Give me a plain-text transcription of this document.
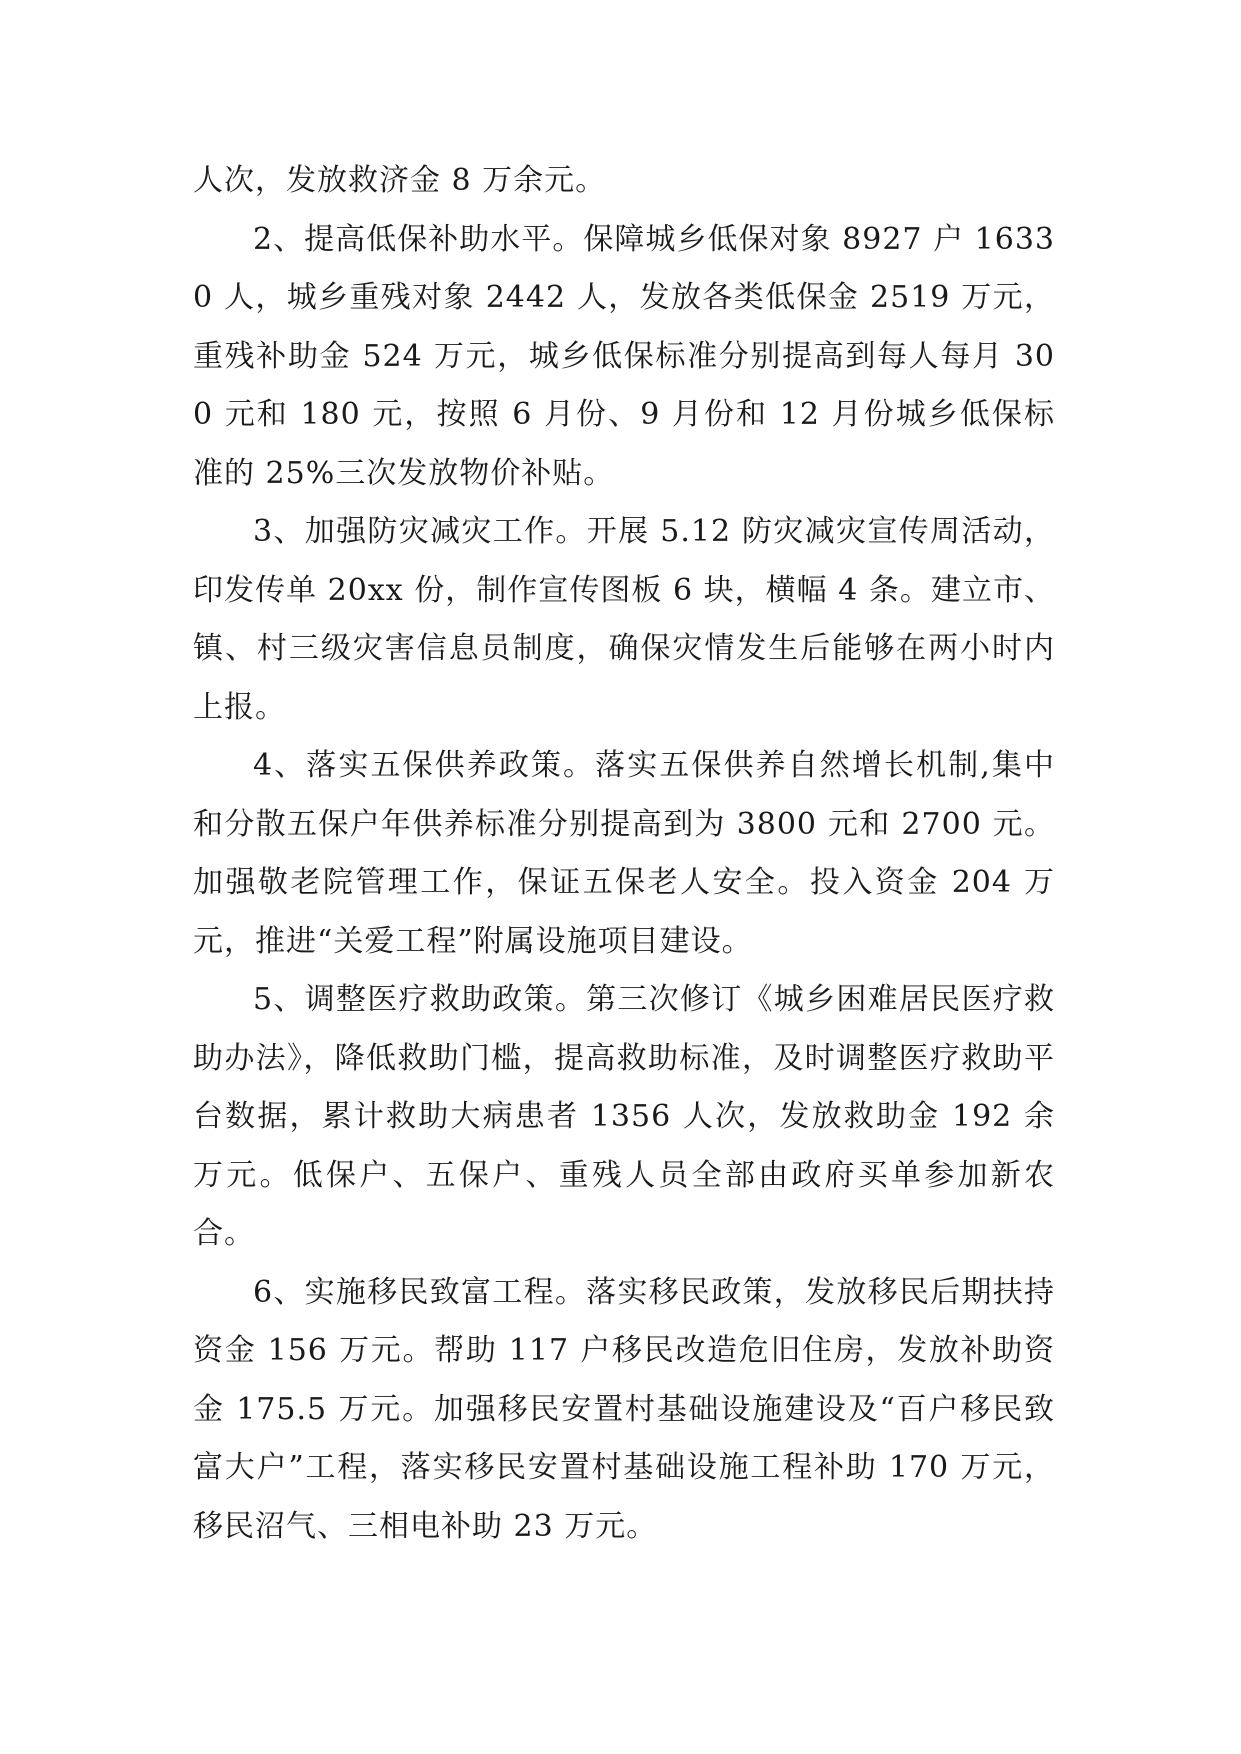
人次，发放救济金 8 万余元。

2、提高低保补助水平。保障城乡低保对象 8927 户 16330 人，城乡重残对象 2442 人，发放各类低保金 2519 万元，重残补助金 524 万元，城乡低保标准分别提高到每人每月 300 元和 180 元，按照 6 月份、9 月份和 12 月份城乡低保标准的 25%三次发放物价补贴。

3、加强防灾减灾工作。开展 5.12 防灾减灾宣传周活动，印发传单 20xx 份，制作宣传图板 6 块，横幅 4 条。建立市、镇、村三级灾害信息员制度，确保灾情发生后能够在两小时内上报。

4、落实五保供养政策。落实五保供养自然增长机制,集中和分散五保户年供养标准分别提高到为 3800 元和 2700 元。加强敬老院管理工作，保证五保老人安全。投入资金 204 万元，推进“关爱工程”附属设施项目建设。

5、调整医疗救助政策。第三次修订《城乡困难居民医疗救助办法》，降低救助门槛，提高救助标准，及时调整医疗救助平台数据，累计救助大病患者 1356 人次，发放救助金 192 余万元。低保户、五保户、重残人员全部由政府买单参加新农合。

6、实施移民致富工程。落实移民政策，发放移民后期扶持资金 156 万元。帮助 117 户移民改造危旧住房，发放补助资金 175.5 万元。加强移民安置村基础设施建设及“百户移民致富大户”工程，落实移民安置村基础设施工程补助 170 万元，移民沼气、三相电补助 23 万元。
